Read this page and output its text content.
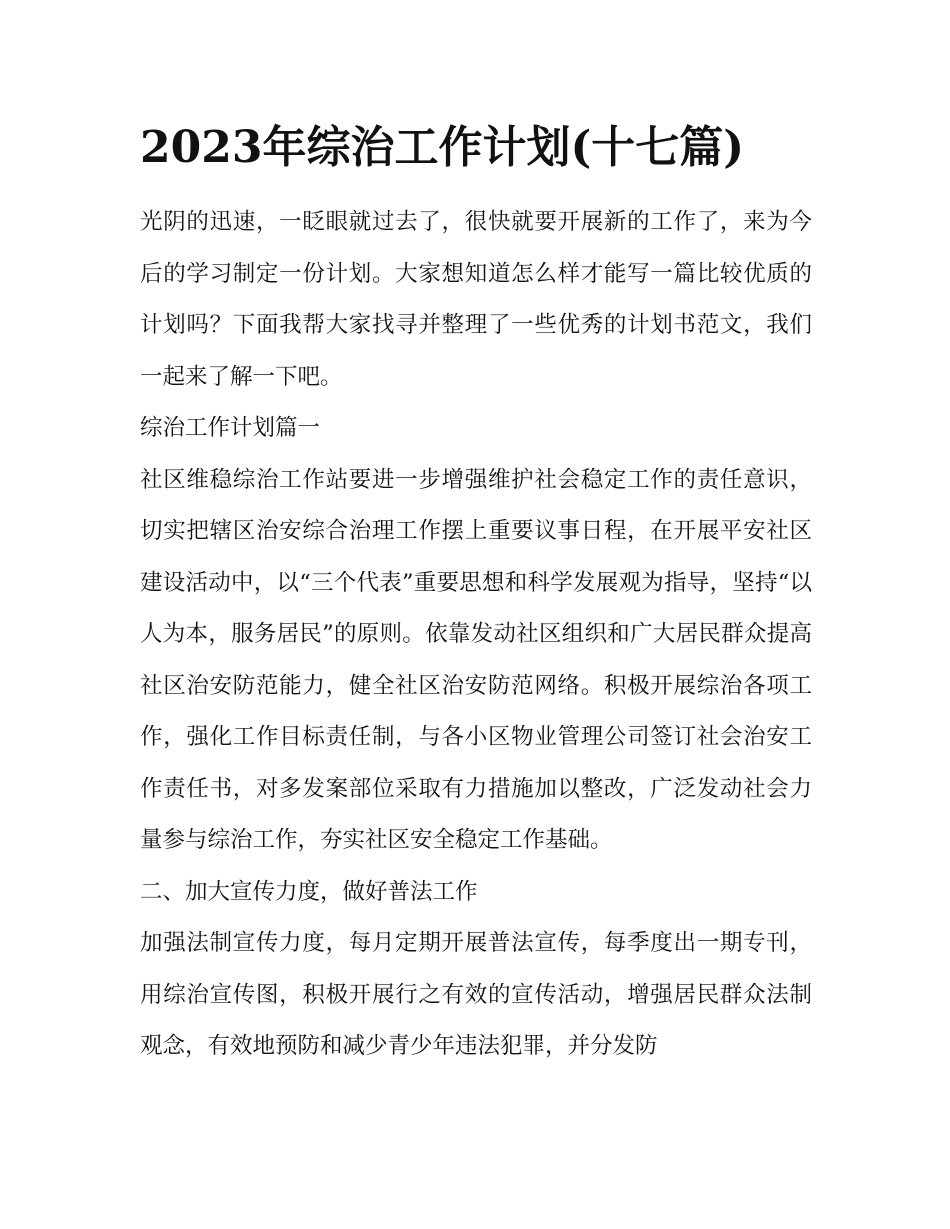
2023年综治工作计划(十七篇)

光阴的迅速，一眨眼就过去了，很快就要开展新的工作了，来为今后的学习制定一份计划。大家想知道怎么样才能写一篇比较优质的计划吗？下面我帮大家找寻并整理了一些优秀的计划书范文，我们一起来了解一下吧。

综治工作计划篇一

社区维稳综治工作站要进一步增强维护社会稳定工作的责任意识，切实把辖区治安综合治理工作摆上重要议事日程，在开展平安社区建设活动中，以“三个代表”重要思想和科学发展观为指导，坚持“以人为本，服务居民”的原则。依靠发动社区组织和广大居民群众提高社区治安防范能力，健全社区治安防范网络。积极开展综治各项工作，强化工作目标责任制，与各小区物业管理公司签订社会治安工作责任书，对多发案部位采取有力措施加以整改，广泛发动社会力量参与综治工作，夯实社区安全稳定工作基础。

二、加大宣传力度，做好普法工作

加强法制宣传力度，每月定期开展普法宣传，每季度出一期专刊，用综治宣传图，积极开展行之有效的宣传活动，增强居民群众法制观念，有效地预防和减少青少年违法犯罪，并分发防
